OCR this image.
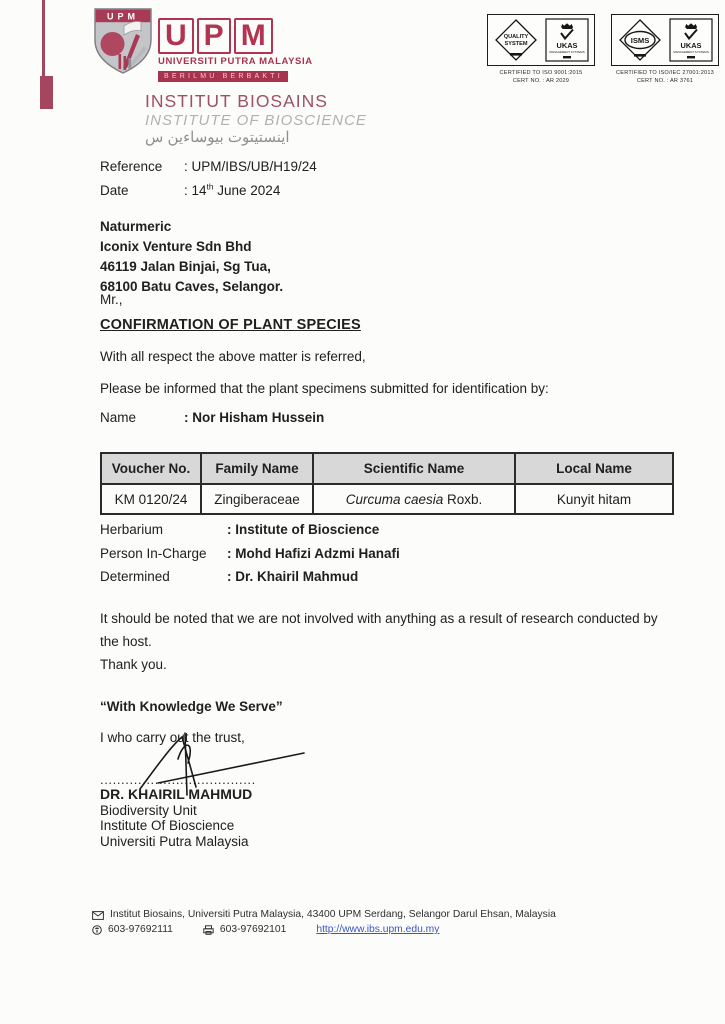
UPM
U P M
UNIVERSITI PUTRA MALAYSIA
BERILMU BERBAKTI
QUALITY
SYSTEM	UKAS
MANAGEMENT SYSTEMS
CERTIFIED TO ISO 9001:2015
CERT NO. : AR 2029
ISMS
UKAS
MANAGEMENT SYSTEMS
CERTIFIED TO ISO/IEC 27001:2013
CERT NO. : AR 3761
INSTITUT BIOSAINS
INSTITUTE OF BIOSCIENCE
اينستيتوت بيوساءين س
Reference : UPM/IBS/UB/H19/24
Date	: 14th June 2024
Naturmeric
Iconix Venture Sdn Bhd
46119 Jalan Binjai, Sg Tua,
68100 Batu Caves, Selangor.
Mr.,
CONFIRMATION OF PLANT SPECIES
With all respect the above matter is referred,
Please be informed that the plant specimens submitted for identification by:
Name	: Nor Hisham Hussein
Voucher No.	Family Name	Scientific Name	Local Name
KM 0120/24	Zingiberaceae	Curcuma caesia Roxb.	Kunyit hitam
Herbarium	: Institute of Bioscience
Person In-Charge : Mohd Hafizi Adzmi Hanafi
Determined	: Dr. Khairil Mahmud
It should be noted that we are not involved with anything as a result of research conducted by
the host.
Thank you.
“With Knowledge We Serve”
I who carry out the trust,
.....................................
DR. KHAIRIL MAHMUD
Biodiversity Unit
Institute Of Bioscience
Universiti Putra Malaysia
Institut Biosains, Universiti Putra Malaysia, 43400 UPM Serdang, Selangor Darul Ehsan, Malaysia
603-97692111	603-97692101	http://www.ibs.upm.edu.my
